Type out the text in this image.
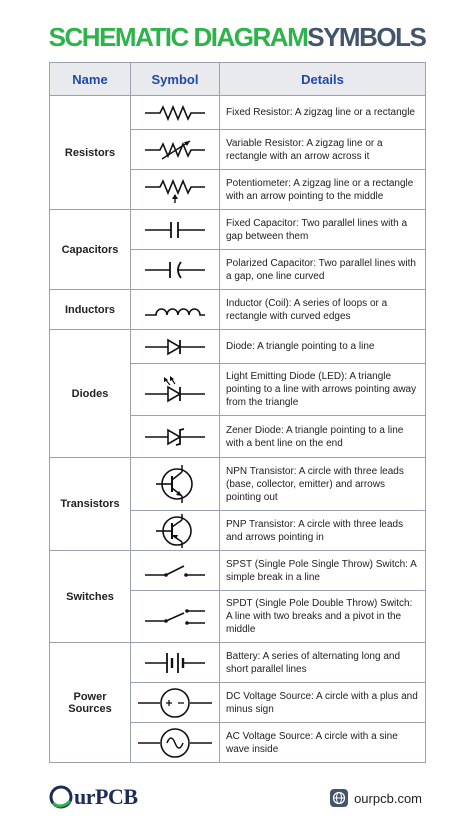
SCHEMATIC DIAGRAMSYMBOLS
Name	Symbol	Details
Resistors		Fixed Resistor: A zigzag line or a rectangle

	Variable Resistor: A zigzag line or a rectangle with an arrow across it

	Potentiometer: A zigzag line or a rectangle with an arrow pointing to the middle
Capacitors		Fixed Capacitor: Two parallel lines with a gap between them

	Polarized Capacitor: Two parallel lines with a gap, one line curved
Inductors		Inductor (Coil): A series of loops or a rectangle with curved edges
Diodes		Diode: A triangle pointing to a line

	Light Emitting Diode (LED): A triangle pointing to a line with arrows pointing away from the triangle

	Zener Diode: A triangle pointing to a line with a bent line on the end
Transistors		NPN Transistor: A circle with three leads (base, collector, emitter) and arrows pointing out

	PNP Transistor: A circle with three leads and arrows pointing in
Switches		SPST (Single Pole Single Throw) Switch: A simple break in a line

	SPDT (Single Pole Double Throw) Switch: A line with two breaks and a pivot in the middle
Power
Sources		Battery: A series of alternating long and short parallel lines

	DC Voltage Source: A circle with a plus and minus sign

	AC Voltage Source: A circle with a sine wave inside
urPCB	ourpcb.com
